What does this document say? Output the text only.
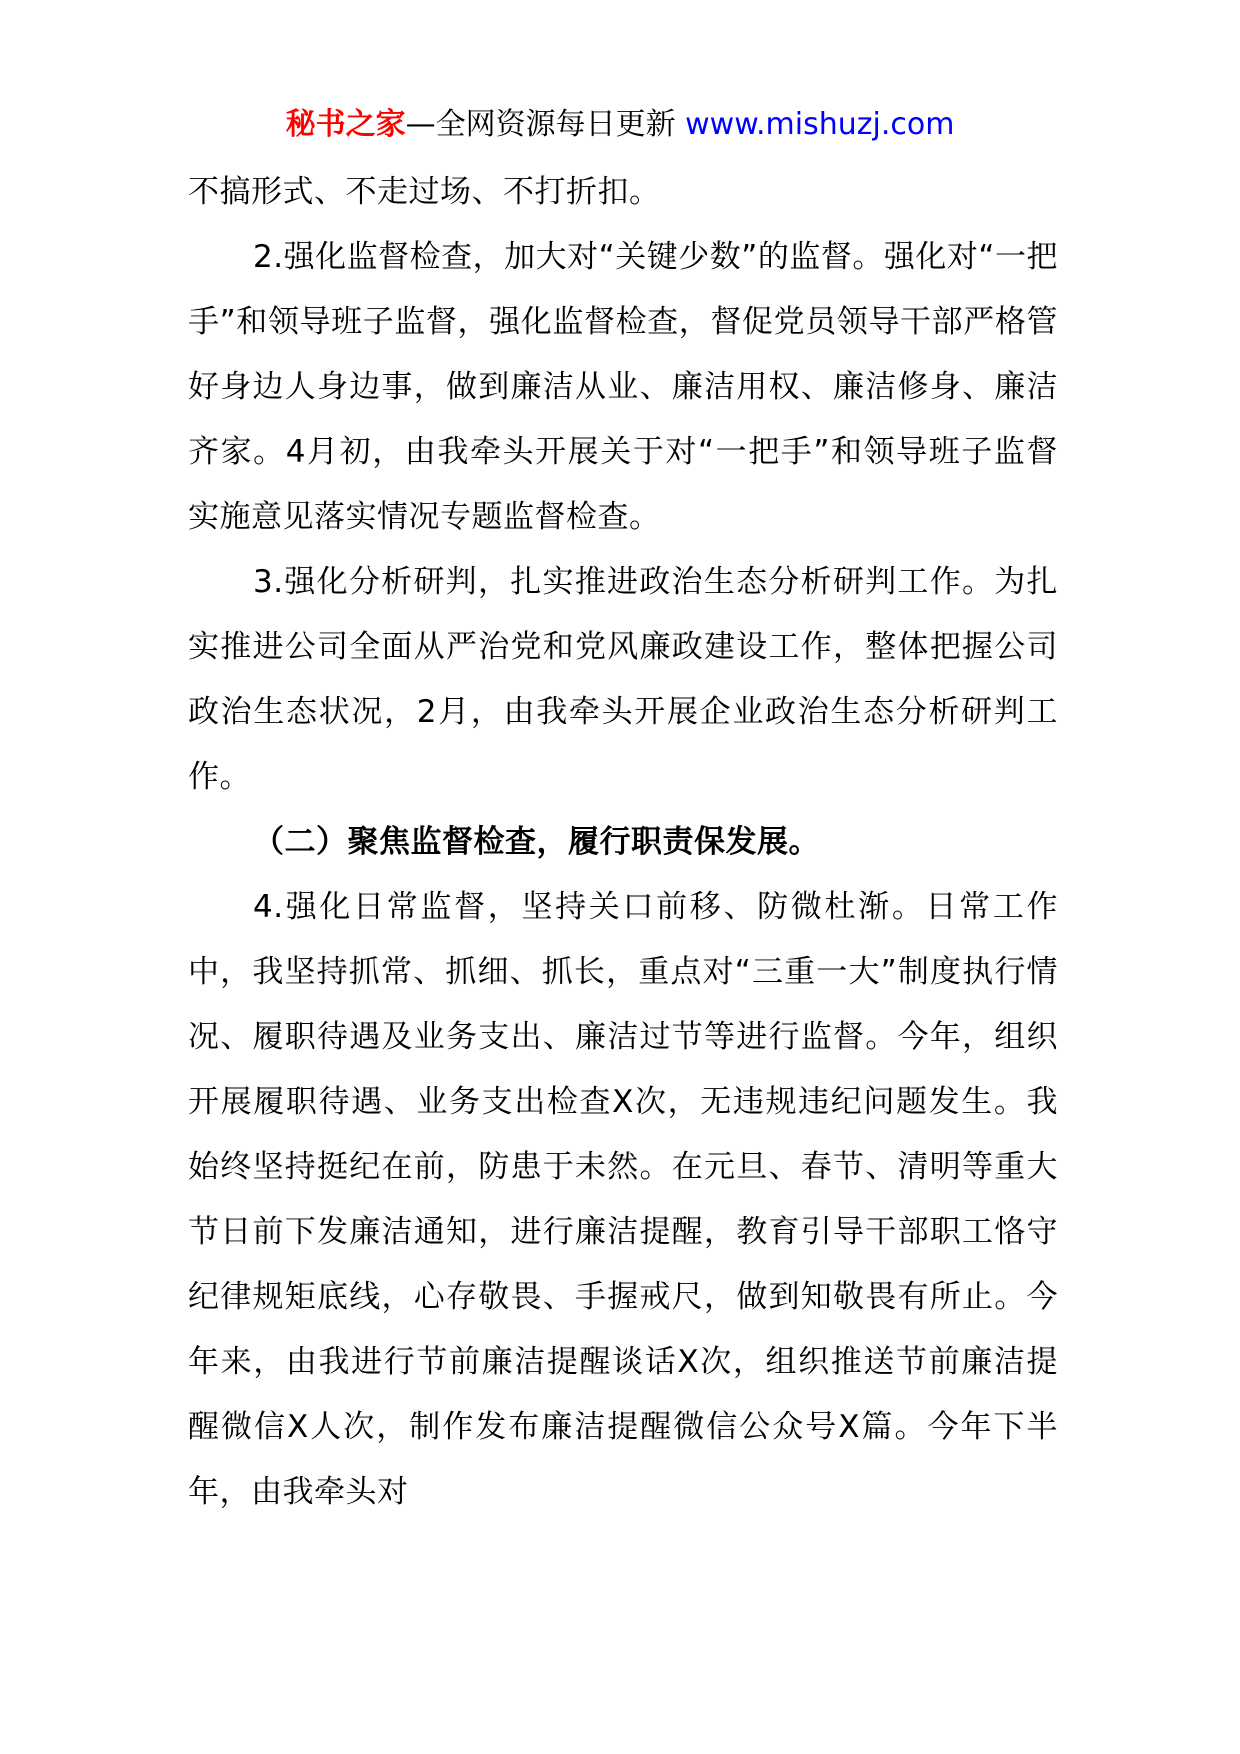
秘书之家—全网资源每日更新 www.mishuzj.com

不搞形式、不走过场、不打折扣。

2.强化监督检查，加大对“关键少数”的监督。强化对“一把手”和领导班子监督，强化监督检查，督促党员领导干部严格管好身边人身边事，做到廉洁从业、廉洁用权、廉洁修身、廉洁齐家。4月初，由我牵头开展关于对“一把手”和领导班子监督实施意见落实情况专题监督检查。

3.强化分析研判，扎实推进政治生态分析研判工作。为扎实推进公司全面从严治党和党风廉政建设工作，整体把握公司政治生态状况，2月，由我牵头开展企业政治生态分析研判工作。

（二）聚焦监督检查，履行职责保发展。

4.强化日常监督，坚持关口前移、防微杜渐。日常工作中，我坚持抓常、抓细、抓长，重点对“三重一大”制度执行情况、履职待遇及业务支出、廉洁过节等进行监督。今年，组织开展履职待遇、业务支出检查X次，无违规违纪问题发生。我始终坚持挺纪在前，防患于未然。在元旦、春节、清明等重大节日前下发廉洁通知，进行廉洁提醒，教育引导干部职工恪守纪律规矩底线，心存敬畏、手握戒尺，做到知敬畏有所止。今年来，由我进行节前廉洁提醒谈话X次，组织推送节前廉洁提醒微信X人次，制作发布廉洁提醒微信公众号X篇。今年下半年，由我牵头对
